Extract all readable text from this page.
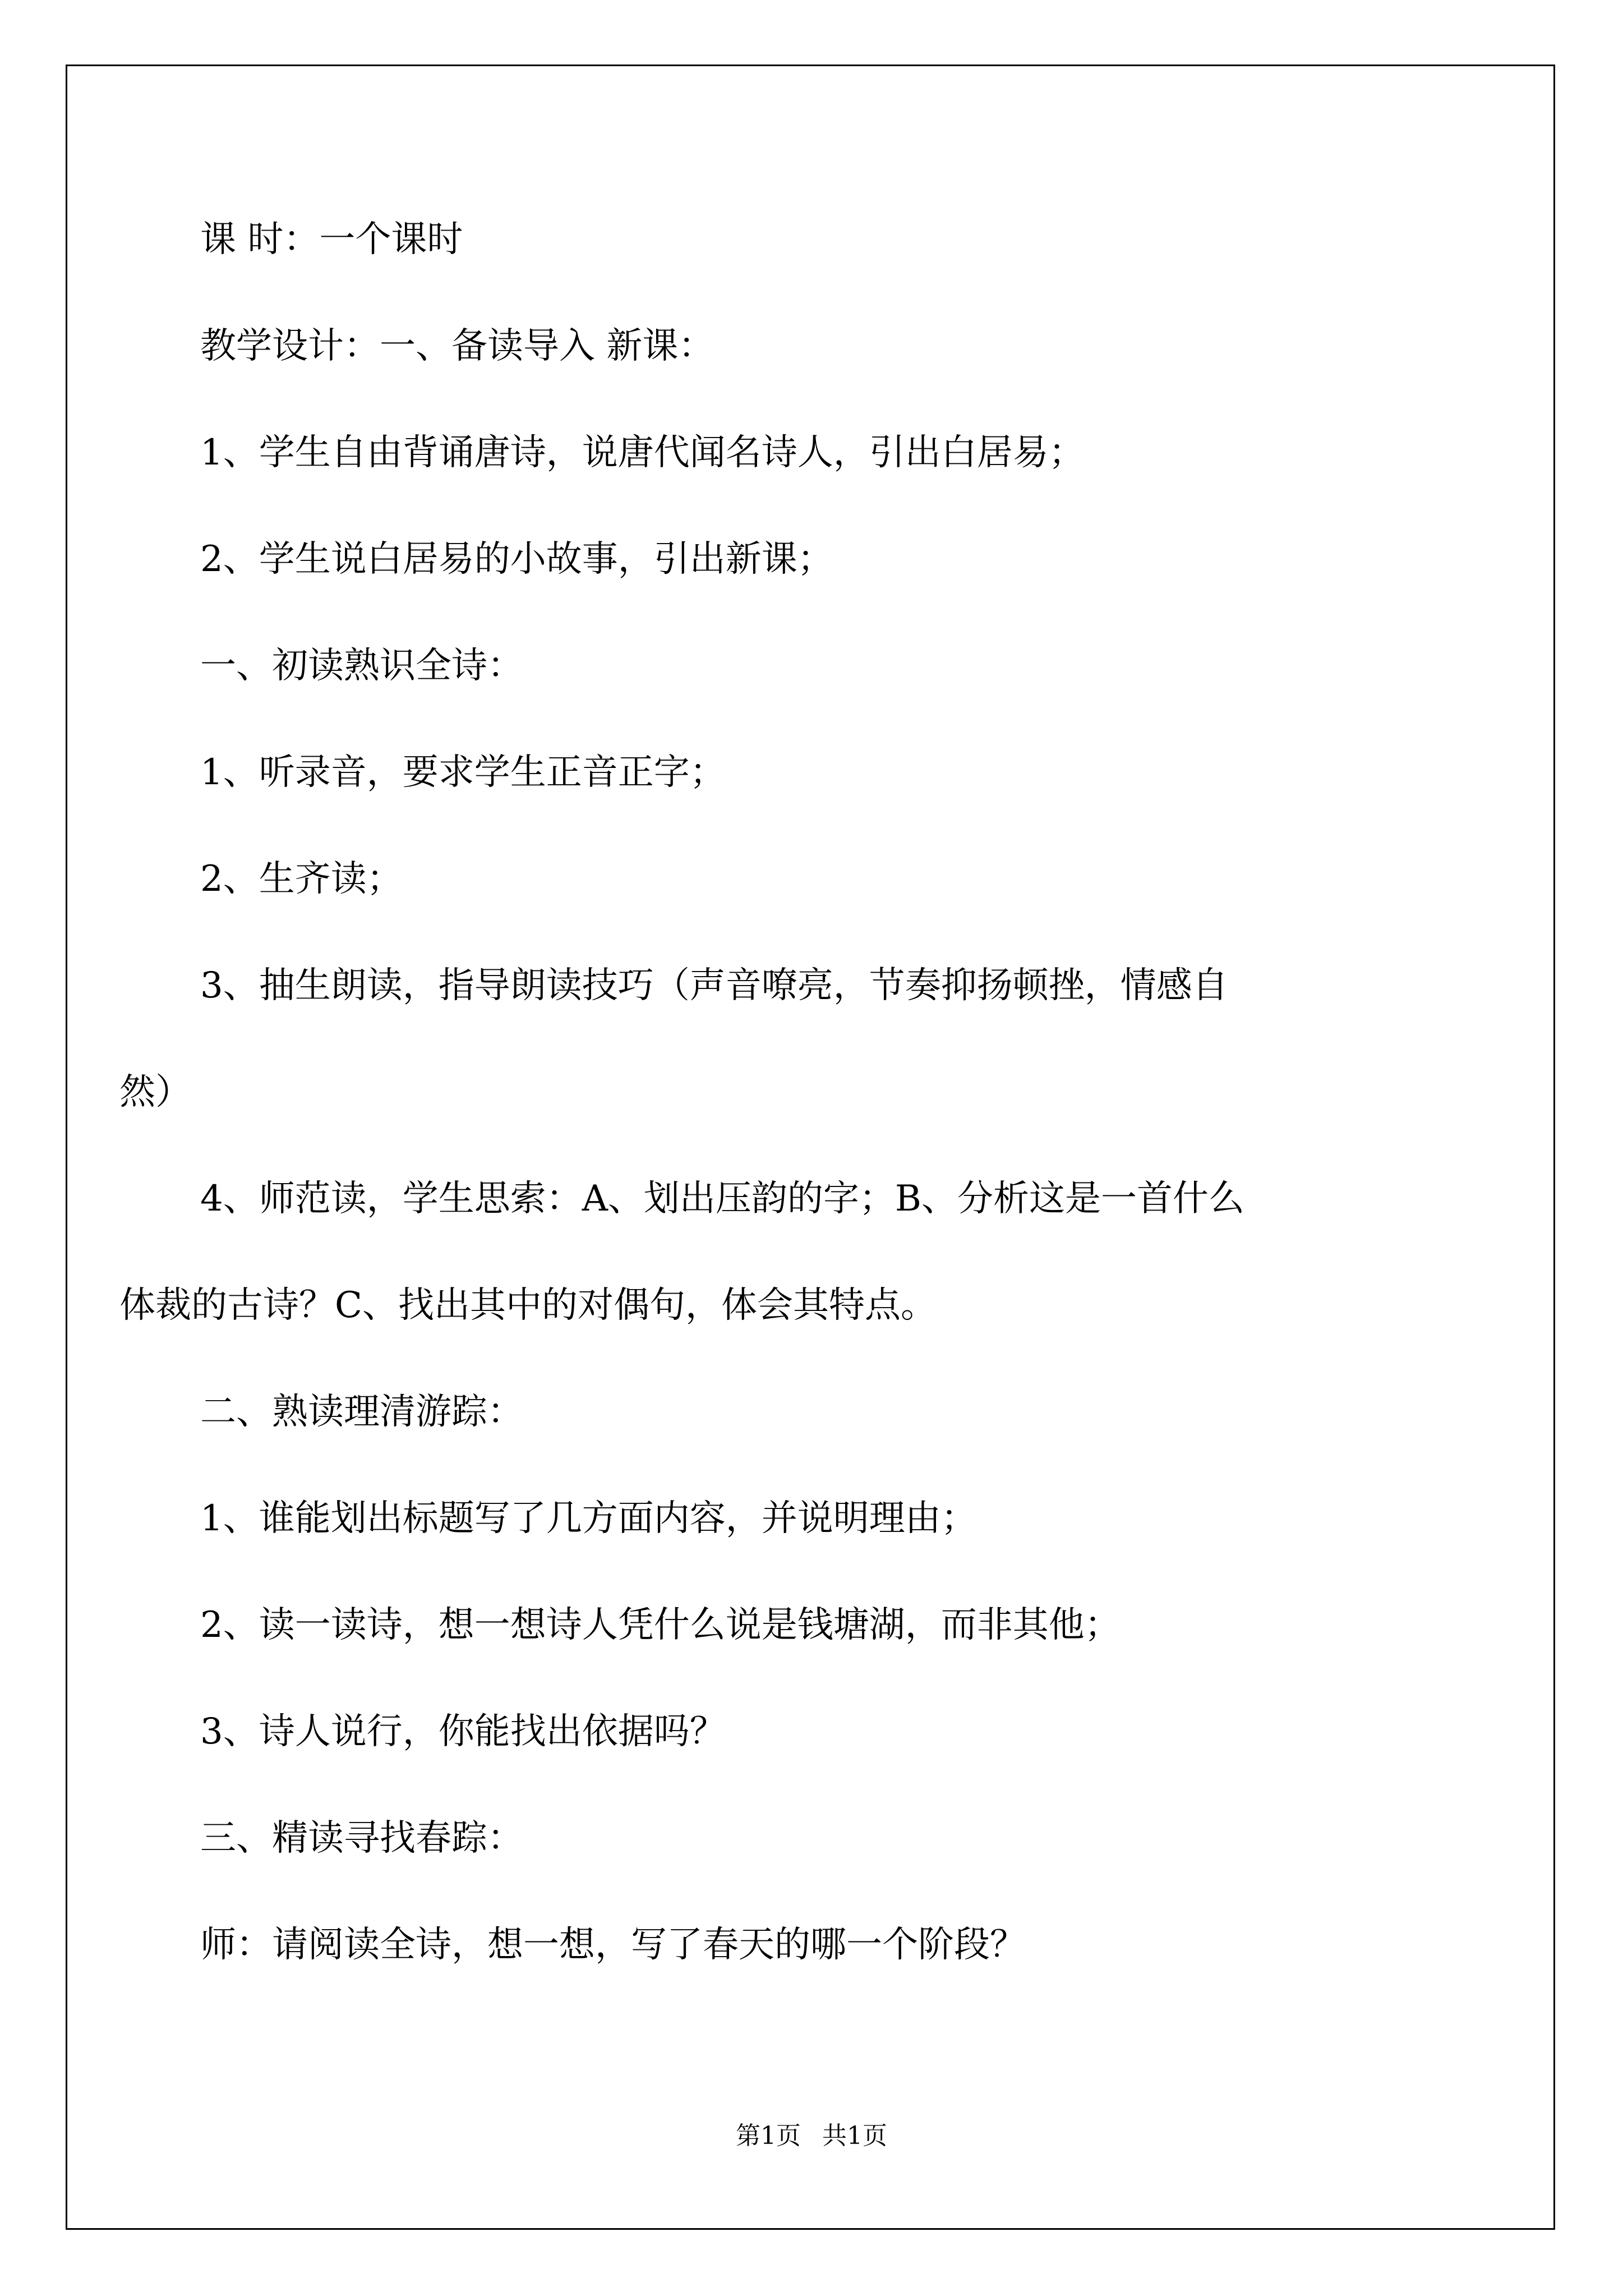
课 时：一个课时

教学设计：一、备读导入 新课：

1、学生自由背诵唐诗，说唐代闻名诗人，引出白居易；

2、学生说白居易的小故事，引出新课；

一、初读熟识全诗：

1、听录音，要求学生正音正字；

2、生齐读；

3、抽生朗读，指导朗读技巧（声音嘹亮，节奏抑扬顿挫，情感自

然）

4、师范读，学生思索：A、划出压韵的字；B、分析这是一首什么

体裁的古诗？C、找出其中的对偶句，体会其特点。

二、熟读理清游踪：

1、谁能划出标题写了几方面内容，并说明理由；

2、读一读诗，想一想诗人凭什么说是钱塘湖，而非其他；

3、诗人说行，你能找出依据吗？

三、精读寻找春踪：

师：请阅读全诗，想一想，写了春天的哪一个阶段？

第1页 共1页
